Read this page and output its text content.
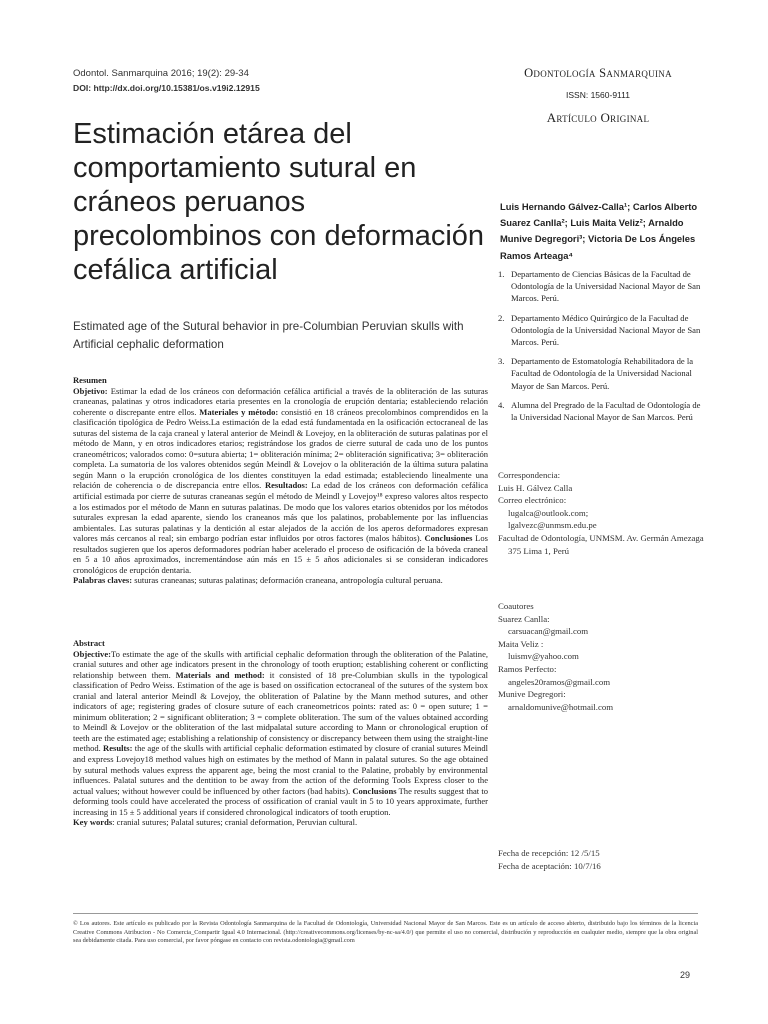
Odontol. Sanmarquina 2016; 19(2): 29-34
DOI: http://dx.doi.org/10.15381/os.v19i2.12915
Odontología Sanmarquina
ISSN: 1560-9111
Artículo Original
Estimación etárea del comportamiento sutural en cráneos peruanos precolombinos con deformación cefálica artificial
Estimated age of the Sutural behavior in pre-Columbian Peruvian skulls with Artificial cephalic deformation
Luis Hernando Gálvez-Calla¹; Carlos Alberto Suarez Canlla²; Luis Maita Veliz²; Arnaldo Munive Degregori³; Victoria De Los Ángeles Ramos Arteaga⁴
1. Departamento de Ciencias Básicas de la Facultad de Odontología de la Universidad Nacional Mayor de San Marcos. Perú.
2. Departamento Médico Quirúrgico de la Facultad de Odontología de la Universidad Nacional Mayor de San Marcos. Perú.
3. Departamento de Estomatología Rehabilitadora de la Facultad de Odontología de la Universidad Nacional Mayor de San Marcos. Perú.
4. Alumna del Pregrado de la Facultad de Odontología de la Universidad Nacional Mayor de San Marcos. Perú
Correspondencia:
Luis H. Gálvez Calla
Correo electrónico:
lugalca@outlook.com;
lgalvezc@unmsm.edu.pe
Facultad de Odontología, UNMSM. Av. Germán Amezaga 375 Lima 1, Perú
Coautores
Suarez Canlla:
carsuacan@gmail.com
Maita Veliz :
luismv@yahoo.com
Ramos Perfecto:
angeles20ramos@gmail.com
Munive Degregori:
arnaldomunive@hotmail.com
Fecha de recepción: 12 /5/15
Fecha de aceptación: 10/7/16
Resumen
Objetivo: Estimar la edad de los cráneos con deformación cefálica artificial a través de la obliteración de las suturas craneanas, palatinas y otros indicadores etaria presentes en la cronología de erupción dentaria; estableciendo relación coherente o discrepante entre ellos. Materiales y método: consistió en 18 cráneos precolombinos comprendidos en la clasificación tipológica de Pedro Weiss.La estimación de la edad está fundamentada en la osificación ectocraneal de las suturas del sistema de la caja craneal y lateral anterior de Meindl & Lovejoy, en la obliteración de suturas palatinas por el método de Mann, y en otros indicadores etarios; registrándose los grados de cierre sutural de cada uno de los puntos craneométricos; valorados como: 0=sutura abierta; 1= obliteración mínima; 2= obliteración significativa; 3= obliteración completa. La sumatoria de los valores obtenidos según Meindl & Lovejov o la obliteración de la última sutura palatina según Mann o la erupción cronológica de los dientes constituyen la edad estimada; estableciendo linealmente una relación de coherencia o de discrepancia entre ellos. Resultados: La edad de los cráneos con deformación cefálica artificial estimada por cierre de suturas craneanas según el método de Meindl y Lovejoy¹⁸ expreso valores altos respecto a los estimados por el método de Mann en suturas palatinas. De modo que los valores etarios obtenidos por los métodos suturales expresan la edad aparente, siendo los craneanos más que los palatinos, probablemente por las influencias ambientales. Las suturas palatinas y la dentición al estar alejados de la acción de los aperos deformadores expresan valores más cercanos al real; sin embargo podrían estar influidos por otros factores (malos hábitos). Conclusiones Los resultados sugieren que los aperos deformadores podrían haber acelerado el proceso de osificación de la bóveda craneal en 5 a 10 años aproximados, incrementándose aún más en 15 ± 5 años adicionales si se consideran indicadores cronológicos de erupción dentaria.
Palabras claves: suturas craneanas; suturas palatinas; deformación craneana, antropología cultural peruana.
Abstract
Objective:To estimate the age of the skulls with artificial cephalic deformation through the obliteration of the Palatine, cranial sutures and other age indicators present in the chronology of tooth eruption; establishing coherent or conflicting relationship between them. Materials and method: it consisted of 18 pre-Columbian skulls in the typological classification of Pedro Weiss. Estimation of the age is based on ossification ectocraneal of the sutures of the system box cranial and lateral anterior Meindl & Lovejoy, the obliteration of Palatine by the Mann method sutures, and other indicators of age; registering grades of closure suture of each craneometricos points: rated as: 0 = open suture; 1 = minimum obliteration; 2 = significant obliteration; 3 = complete obliteration. The sum of the values obtained according to Meindl & Lovejov or the obliteration of the last midpalatal suture according to Mann or chronological eruption of teeth are the estimated age; establishing a relationship of consistency or discrepancy between them using the straight-line method. Results: the age of the skulls with artificial cephalic deformation estimated by closure of cranial sutures Meindl and express Lovejoy18 method values high on estimates by the method of Mann in palatal sutures. So the age obtained by sutural methods values express the apparent age, being the most cranial to the Palatine, probably by environmental influences. Palatal sutures and the dentition to be away from the action of the deforming Tools Express closer to the actual values; without however could be influenced by other factors (bad habits). Conclusions The results suggest that to deforming tools could have accelerated the process of ossification of cranial vault in 5 to 10 years approximate, further increasing in 15 ± 5 additional years if considered chronological indicators of tooth eruption.
Key words: cranial sutures; Palatal sutures; cranial deformation, Peruvian cultural.
© Los autores. Este artículo es publicado por la Revista Odontología Sanmarquina de la Facultad de Odontología, Universidad Nacional Mayor de San Marcos. Este es un artículo de acceso abierto, distribuido bajo los términos de la licencia Creative Commons Atribucion - No Comercia_Compartir Igual 4.0 Internacional. (http://creativecommons.org/licenses/by-nc-sa/4.0/) que permite el uso no comercial, distribución y reproducción en cualquier medio, siempre que la obra original sea debidamente citada. Para uso comercial, por favor póngase en contacto con revista.odontologia@gmail.com
29
